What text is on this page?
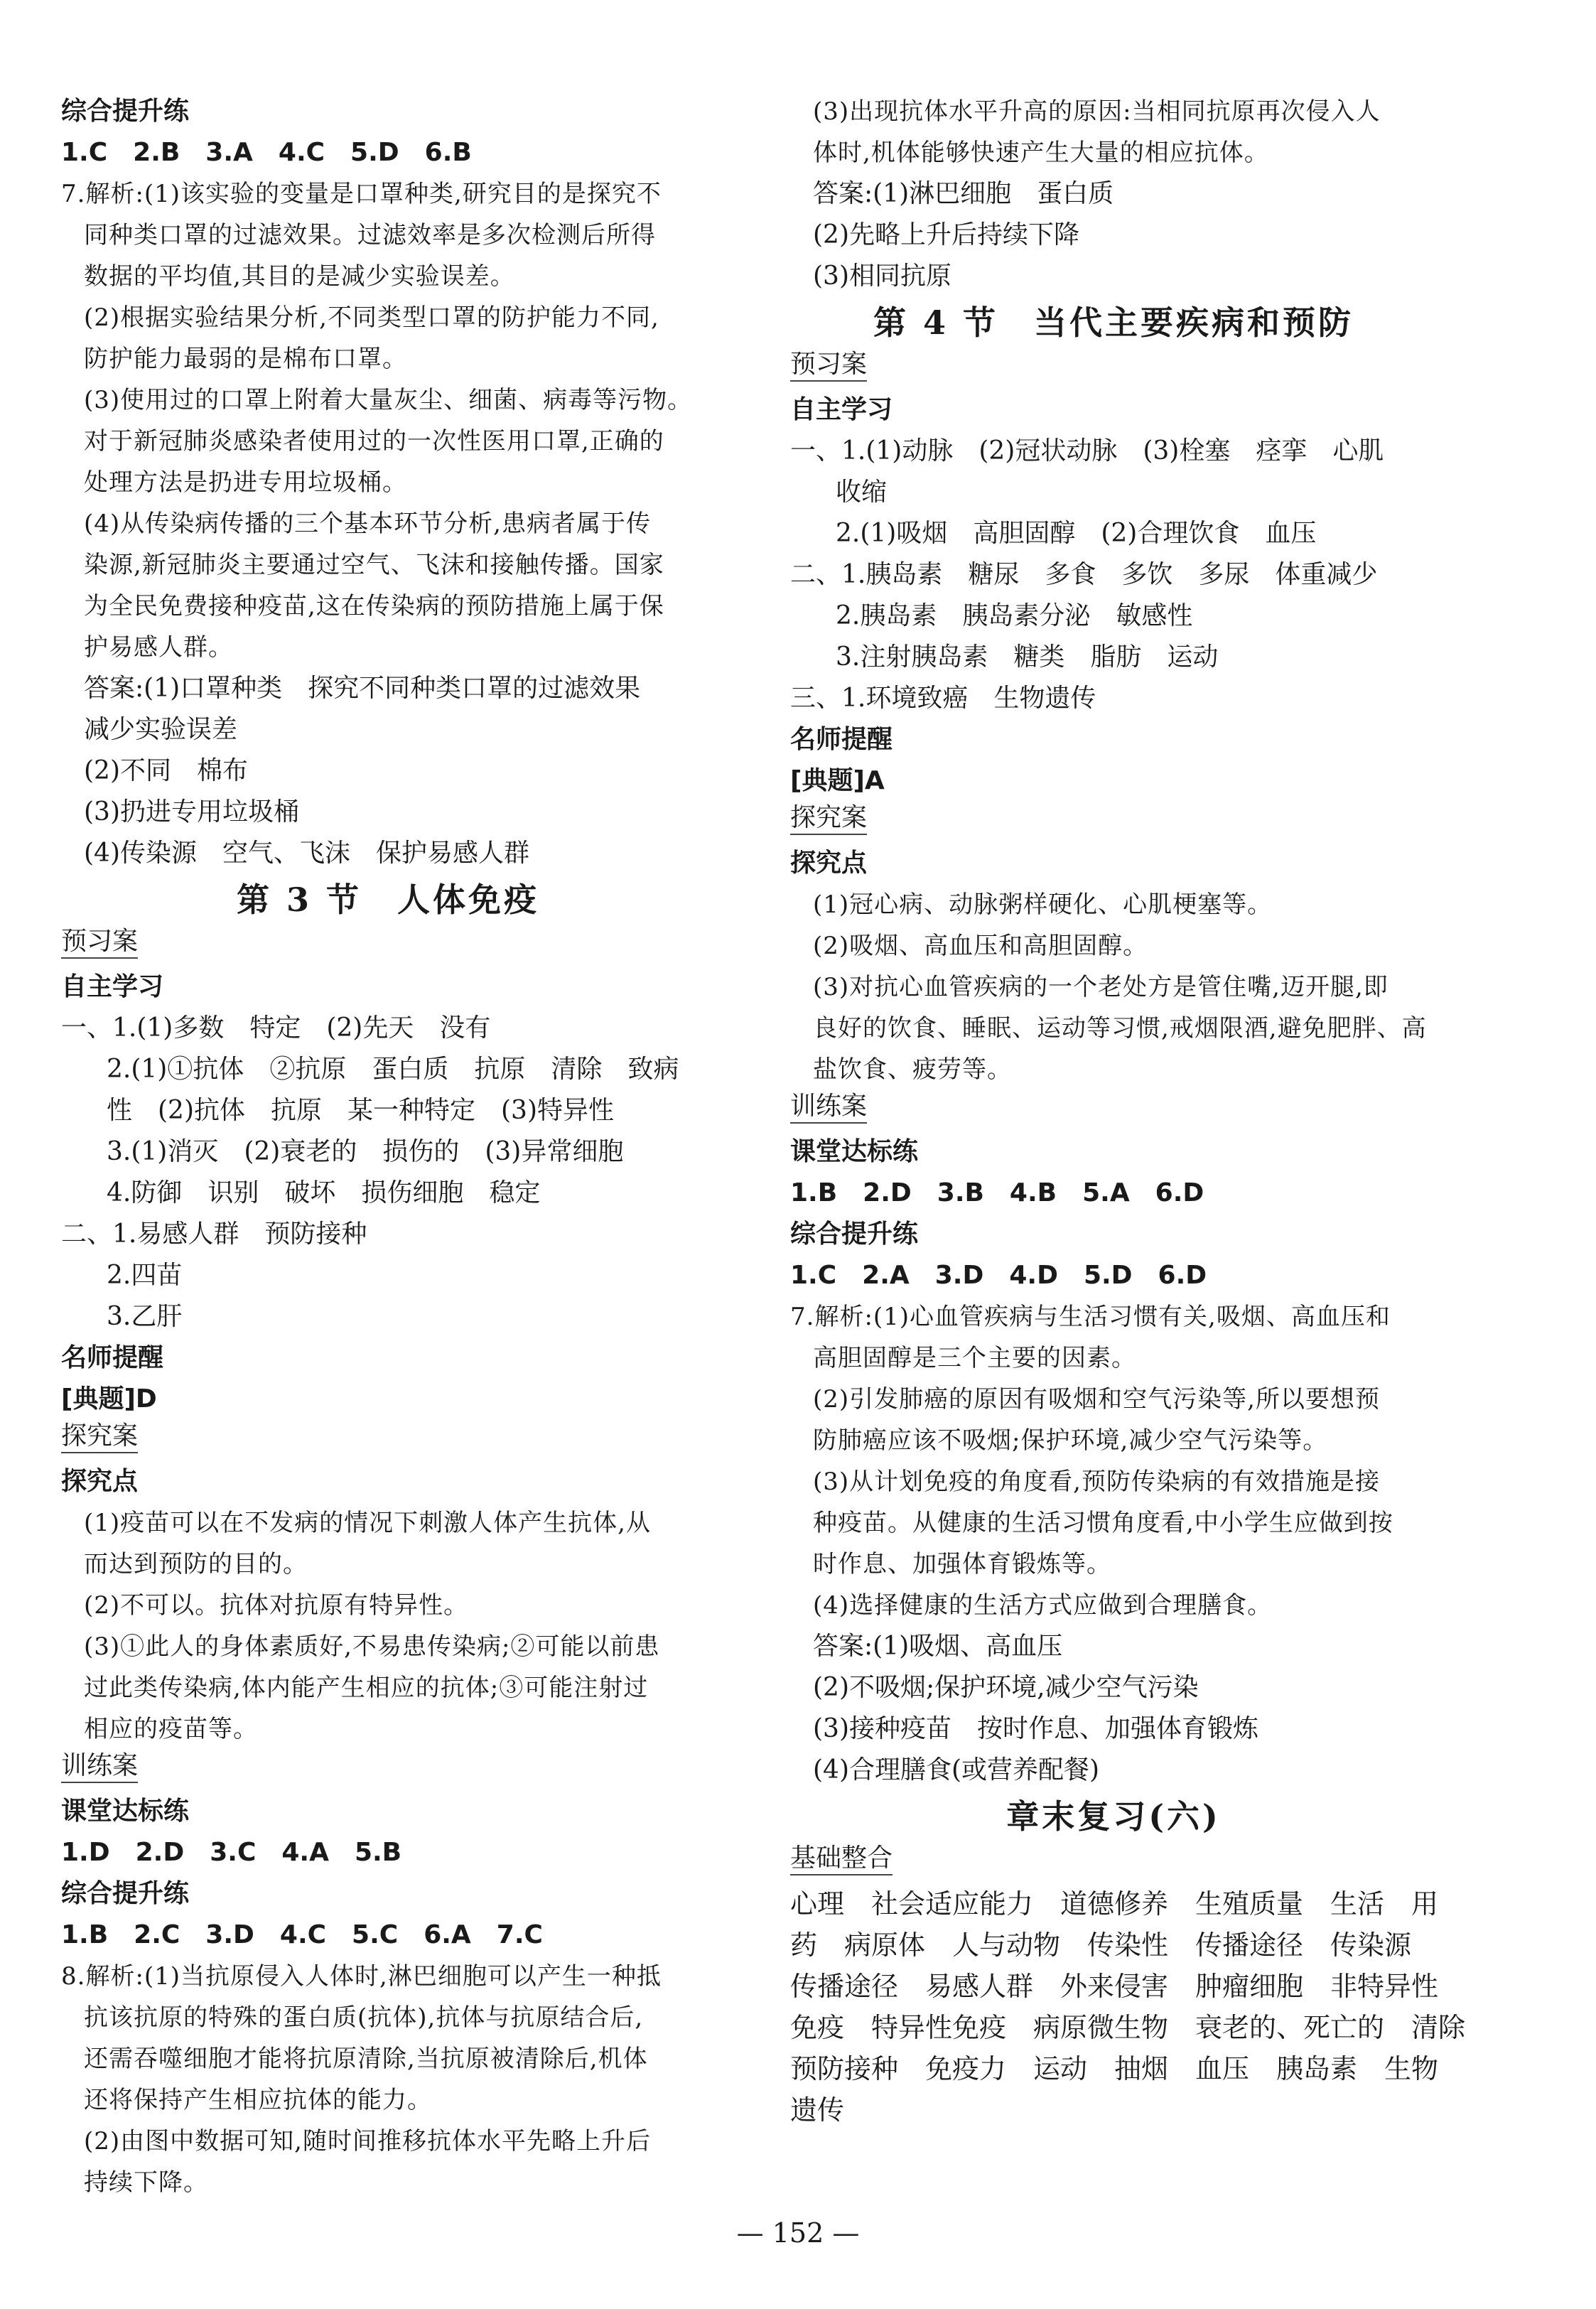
综合提升练
1.C　2.B　3.A　4.C　5.D　6.B
7.解析:(1)该实验的变量是口罩种类,研究目的是探究不
同种类口罩的过滤效果。过滤效率是多次检测后所得
数据的平均值,其目的是减少实验误差。
(2)根据实验结果分析,不同类型口罩的防护能力不同,
防护能力最弱的是棉布口罩。
(3)使用过的口罩上附着大量灰尘、细菌、病毒等污物。
对于新冠肺炎感染者使用过的一次性医用口罩,正确的
处理方法是扔进专用垃圾桶。
(4)从传染病传播的三个基本环节分析,患病者属于传
染源,新冠肺炎主要通过空气、飞沫和接触传播。国家
为全民免费接种疫苗,这在传染病的预防措施上属于保
护易感人群。
答案:(1)口罩种类　探究不同种类口罩的过滤效果
减少实验误差
(2)不同　棉布
(3)扔进专用垃圾桶
(4)传染源　空气、飞沫　保护易感人群
第 3 节　人体免疫
预习案
自主学习
一、1.(1)多数　特定　(2)先天　没有
2.(1)①抗体　②抗原　蛋白质　抗原　清除　致病
性　(2)抗体　抗原　某一种特定　(3)特异性
3.(1)消灭　(2)衰老的　损伤的　(3)异常细胞
4.防御　识别　破坏　损伤细胞　稳定
二、1.易感人群　预防接种
2.四苗
3.乙肝
名师提醒
[典题]D
探究案
探究点
(1)疫苗可以在不发病的情况下刺激人体产生抗体,从
而达到预防的目的。
(2)不可以。抗体对抗原有特异性。
(3)①此人的身体素质好,不易患传染病;②可能以前患
过此类传染病,体内能产生相应的抗体;③可能注射过
相应的疫苗等。
训练案
课堂达标练
1.D　2.D　3.C　4.A　5.B
综合提升练
1.B　2.C　3.D　4.C　5.C　6.A　7.C
8.解析:(1)当抗原侵入人体时,淋巴细胞可以产生一种抵
抗该抗原的特殊的蛋白质(抗体),抗体与抗原结合后,
还需吞噬细胞才能将抗原清除,当抗原被清除后,机体
还将保持产生相应抗体的能力。
(2)由图中数据可知,随时间推移抗体水平先略上升后
持续下降。
(3)出现抗体水平升高的原因:当相同抗原再次侵入人
体时,机体能够快速产生大量的相应抗体。
答案:(1)淋巴细胞　蛋白质
(2)先略上升后持续下降
(3)相同抗原
第 4 节　当代主要疾病和预防
预习案
自主学习
一、1.(1)动脉　(2)冠状动脉　(3)栓塞　痉挛　心肌
收缩
2.(1)吸烟　高胆固醇　(2)合理饮食　血压
二、1.胰岛素　糖尿　多食　多饮　多尿　体重减少
2.胰岛素　胰岛素分泌　敏感性
3.注射胰岛素　糖类　脂肪　运动
三、1.环境致癌　生物遗传
名师提醒
[典题]A
探究案
探究点
(1)冠心病、动脉粥样硬化、心肌梗塞等。
(2)吸烟、高血压和高胆固醇。
(3)对抗心血管疾病的一个老处方是管住嘴,迈开腿,即
良好的饮食、睡眠、运动等习惯,戒烟限酒,避免肥胖、高
盐饮食、疲劳等。
训练案
课堂达标练
1.B　2.D　3.B　4.B　5.A　6.D
综合提升练
1.C　2.A　3.D　4.D　5.D　6.D
7.解析:(1)心血管疾病与生活习惯有关,吸烟、高血压和
高胆固醇是三个主要的因素。
(2)引发肺癌的原因有吸烟和空气污染等,所以要想预
防肺癌应该不吸烟;保护环境,减少空气污染等。
(3)从计划免疫的角度看,预防传染病的有效措施是接
种疫苗。从健康的生活习惯角度看,中小学生应做到按
时作息、加强体育锻炼等。
(4)选择健康的生活方式应做到合理膳食。
答案:(1)吸烟、高血压
(2)不吸烟;保护环境,减少空气污染
(3)接种疫苗　按时作息、加强体育锻炼
(4)合理膳食(或营养配餐)
章末复习(六)
基础整合
心理　社会适应能力　道德修养　生殖质量　生活　用
药　病原体　人与动物　传染性　传播途径　传染源
传播途径　易感人群　外来侵害　肿瘤细胞　非特异性
免疫　特异性免疫　病原微生物　衰老的、死亡的　清除
预防接种　免疫力　运动　抽烟　血压　胰岛素　生物
遗传
— 152 —
